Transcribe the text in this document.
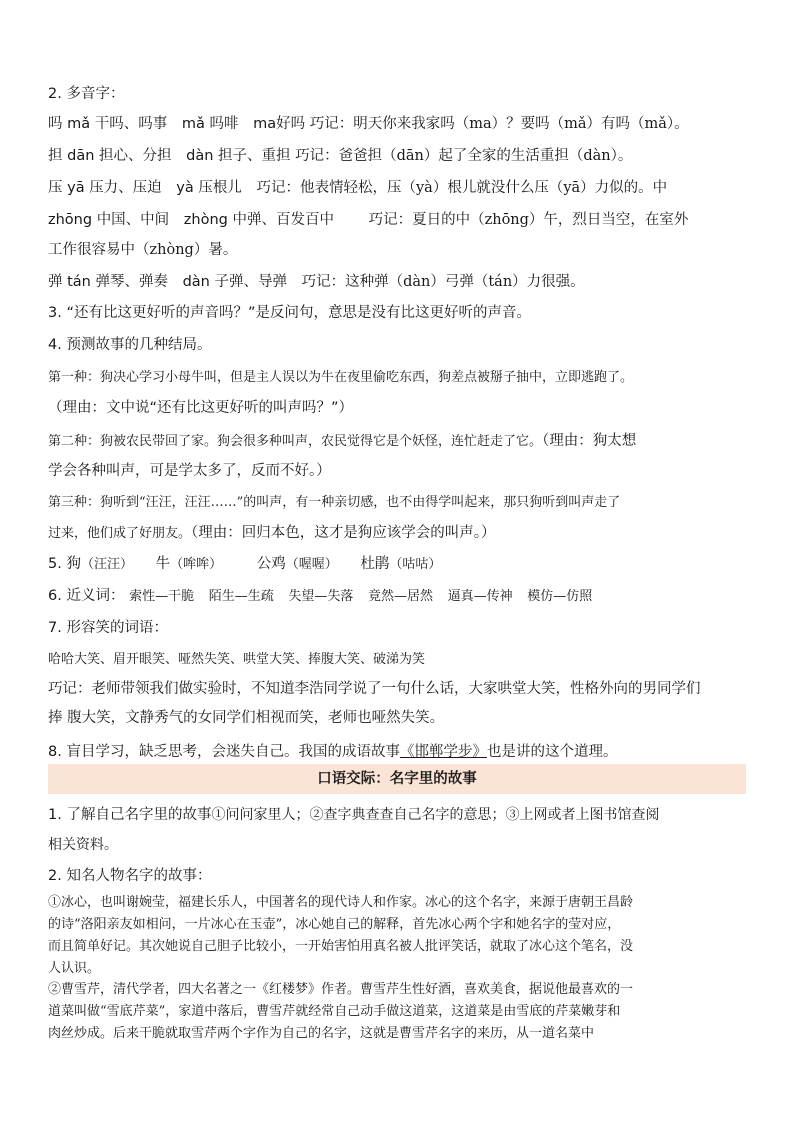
2. 多音字：
吗 mǎ 干吗、吗事 mǎ 吗啡 ma好吗 巧记：明天你来我家吗（ma）？要吗（mǎ）有吗（mǎ）。
担 dān 担心、分担 dàn 担子、重担 巧记：爸爸担（dān）起了全家的生活重担（dàn）。
压 yā 压力、压迫 yà 压根儿 巧记：他表情轻松，压（yà）根儿就没什么压（yā）力似的。中
zhōng 中国、中间 zhòng 中弹、百发百中 巧记：夏日的中（zhōng）午，烈日当空，在室外
工作很容易中（zhòng）暑。
弹 tán 弹琴、弹奏 dàn 子弹、导弹 巧记：这种弹（dàn）弓弹（tán）力很强。
3. “还有比这更好听的声音吗？”是反问句，意思是没有比这更好听的声音。
4. 预测故事的几种结局。
第一种：狗决心学习小母牛叫，但是主人误以为牛在夜里偷吃东西，狗差点被掰子抽中，立即逃跑了。
（理由：文中说“还有比这更好听的叫声吗？”）
第二种：狗被农民带回了家。狗会很多种叫声，农民觉得它是个妖怪，连忙赶走了它。（理由：狗太想
学会各种叫声，可是学太多了，反而不好。）
第三种：狗听到“汪汪，汪汪……”的叫声，有一种亲切感，也不由得学叫起来，那只狗听到叫声走了
过来，他们成了好朋友。（理由：回归本色，这才是狗应该学会的叫声。）
5. 狗（汪汪） 牛（哞哞） 公鸡（喔喔） 杜鹃（咕咕）
6. 近义词： 索性—干脆 陌生—生疏 失望—失落 竟然—居然 逼真—传神 模仿—仿照
7. 形容笑的词语：
哈哈大笑、眉开眼笑、哑然失笑、哄堂大笑、捧腹大笑、破涕为笑
巧记：老师带领我们做实验时，不知道李浩同学说了一句什么话，大家哄堂大笑，性格外向的男同学们
捧 腹大笑，文静秀气的女同学们相视而笑，老师也哑然失笑。
8. 盲目学习，缺乏思考，会迷失自己。我国的成语故事《邯郸学步》也是讲的这个道理。
口语交际：名字里的故事
1. 了解自己名字里的故事①问问家里人；②查字典查查自己名字的意思；③上网或者上图书馆查阅
相关资料。
2. 知名人物名字的故事：
①冰心，也叫谢婉莹，福建长乐人，中国著名的现代诗人和作家。冰心的这个名字，来源于唐朝王昌龄
的诗“洛阳亲友如相问，一片冰心在玉壶”，冰心她自己的解释，首先冰心两个字和她名字的莹对应，
而且简单好记。其次她说自己胆子比较小，一开始害怕用真名被人批评笑话，就取了冰心这个笔名，没
人认识。
②曹雪芹，清代学者，四大名著之一《红楼梦》作者。曹雪芹生性好酒，喜欢美食，据说他最喜欢的一
道菜叫做“雪底芹菜”，家道中落后，曹雪芹就经常自己动手做这道菜，这道菜是由雪底的芹菜嫩芽和
肉丝炒成。后来干脆就取雪芹两个字作为自己的名字，这就是曹雪芹名字的来历，从一道名菜中
